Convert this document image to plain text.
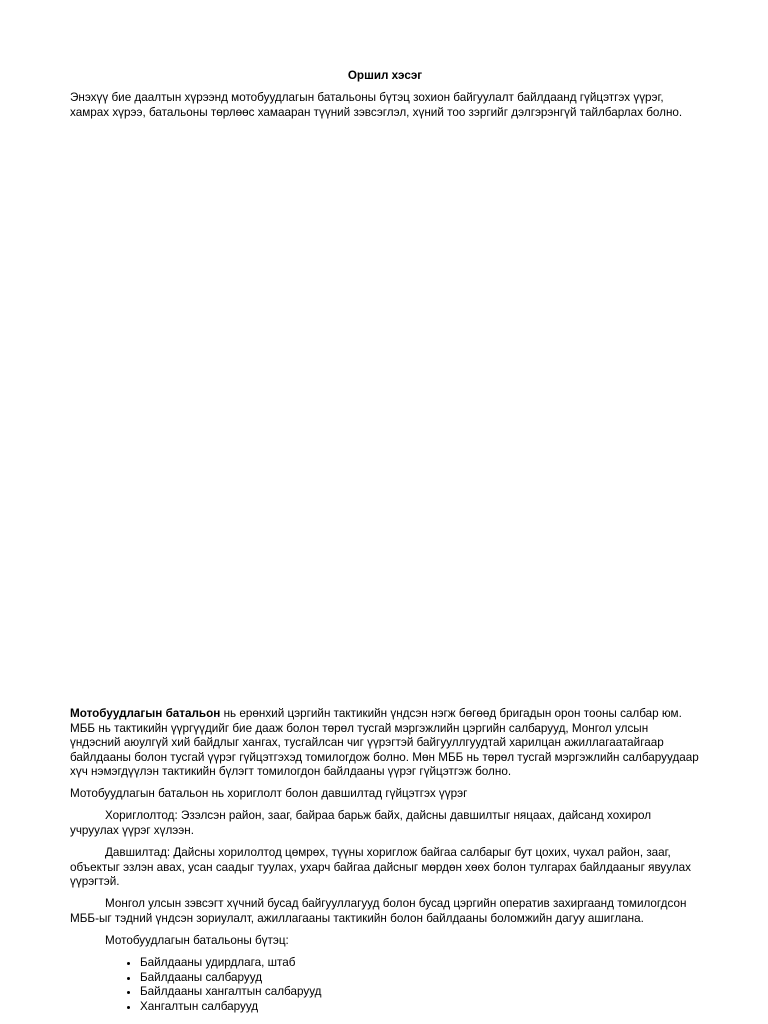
Оршил хэсэг

Энэхүү бие даалтын хүрээнд мотобуудлагын батальоны бүтэц зохион байгуулалт байлдаанд гүйцэтгэх үүрэг, хамрах хүрээ, батальоны төрлөөс хамааран түүний зэвсэглэл, хүний тоо зэргийг дэлгэрэнгүй тайлбарлах болно.

Мотобуудлагын батальон нь ерөнхий цэргийн тактикийн үндсэн нэгж бөгөөд бригадын орон тооны салбар юм. МББ нь тактикийн үүргүүдийг бие дааж болон төрөл тусгай мэргэжлийн цэргийн салбарууд, Монгол улсын үндэсний аюулгүй хий байдлыг хангах, тусгайлсан чиг үүрэгтэй байгууллгуудтай харилцан ажиллагаатайгаар байлдааны болон тусгай үүрэг гүйцэтгэхэд томилогдож болно. Мөн МББ нь төрөл тусгай мэргэжлийн салбаруудаар хүч нэмэгдүүлэн тактикийн бүлэгт томилогдон байлдааны үүрэг гүйцэтгэж болно.

Мотобуудлагын батальон нь хориглолт болон давшилтад гүйцэтгэх үүрэг

Хориглолтод: Эзэлсэн район, зааг, байраа барьж байх, дайсны давшилтыг няцаах, дайсанд хохирол учруулах үүрэг хүлээн.

Давшилтад: Дайсны хорилолтод цөмрөх, түүны хориглож байгаа салбарыг бут цохих, чухал район, зааг, объектыг эзлэн авах, усан саадыг туулах, ухарч байгаа дайсныг мөрдөн хөөх болон тулгарах байлдааныг явуулах үүрэгтэй.

Монгол улсын зэвсэгт хүчний бусад байгууллагууд болон бусад цэргийн оператив захиргаанд томилогдсон МББ-ыг тэдний үндсэн зориулалт, ажиллагааны тактикийн болон байлдааны боломжийн дагуу ашиглана.

Мотобуудлагын батальоны бүтэц:

• Байлдааны удирдлага, штаб
• Байлдааны салбарууд
• Байлдааны хангалтын салбарууд
• Хангалтын салбарууд
